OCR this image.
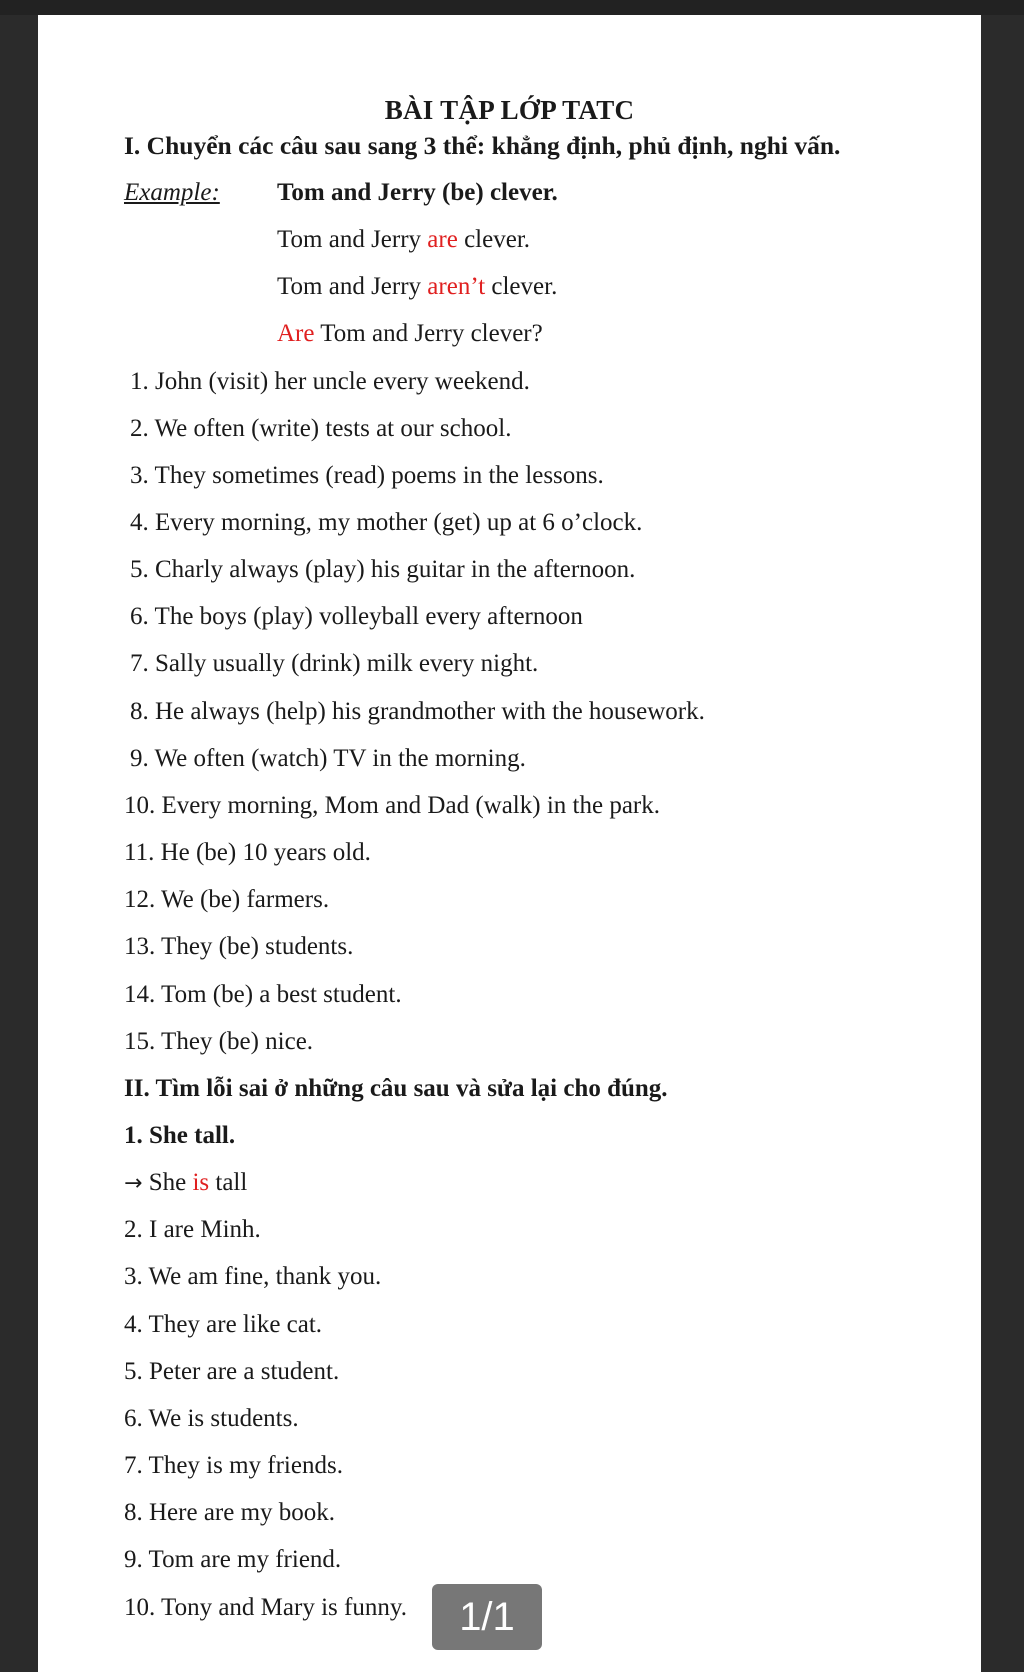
BÀI TẬP LỚP TATC
I. Chuyển các câu sau sang 3 thể: khẳng định, phủ định, nghi vấn.
Example: Tom and Jerry (be) clever.
Tom and Jerry are clever.
Tom and Jerry aren’t clever.
Are Tom and Jerry clever?
1. John (visit) her uncle every weekend.
2. We often (write) tests at our school.
3. They sometimes (read) poems in the lessons.
4. Every morning, my mother (get) up at 6 o’clock.
5. Charly always (play) his guitar in the afternoon.
6. The boys (play) volleyball every afternoon
7. Sally usually (drink) milk every night.
8. He always (help) his grandmother with the housework.
9. We often (watch) TV in the morning.
10. Every morning, Mom and Dad (walk) in the park.
11. He (be) 10 years old.
12. We (be) farmers.
13. They (be) students.
14. Tom (be) a best student.
15. They (be) nice.
II. Tìm lỗi sai ở những câu sau và sửa lại cho đúng.
1. She tall.
→ She is tall
2. I are Minh.
3. We am fine, thank you.
4. They are like cat.
5. Peter are a student.
6. We is students.
7. They is my friends.
8. Here are my book.
9. Tom are my friend.
10. Tony and Mary is funny.	1/1
